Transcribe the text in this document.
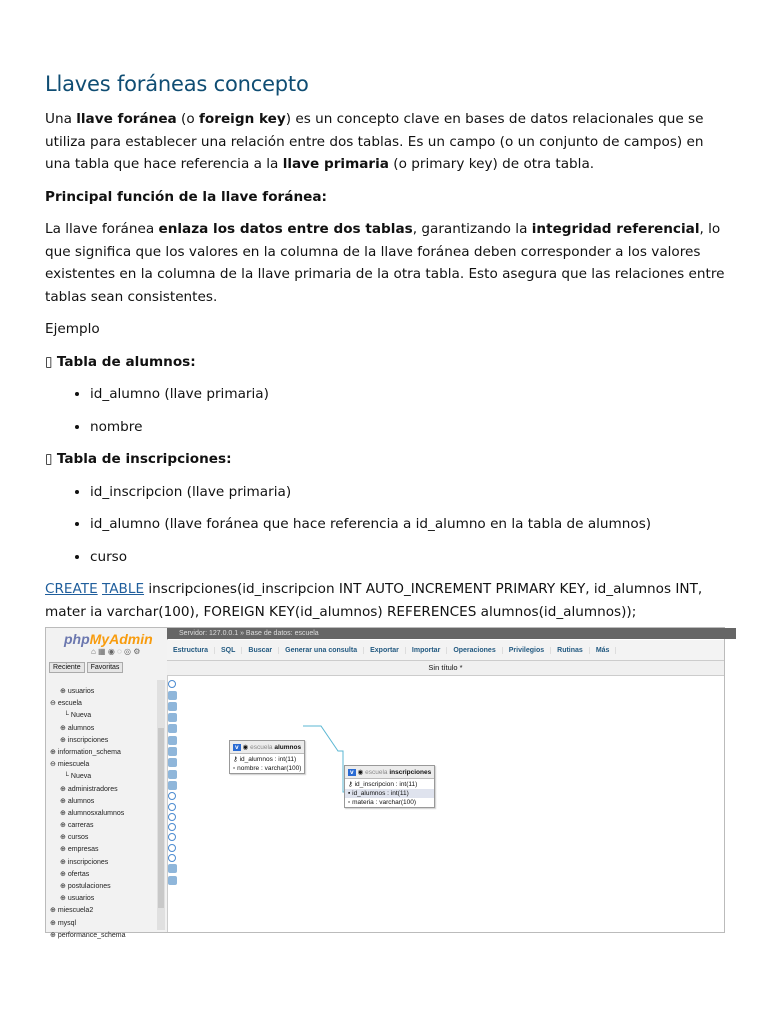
Llaves foráneas concepto

Una llave foránea (o foreign key) es un concepto clave en bases de datos relacionales que se utiliza para establecer una relación entre dos tablas. Es un campo (o un conjunto de campos) en una tabla que hace referencia a la llave primaria (o primary key) de otra tabla.

Principal función de la llave foránea:

La llave foránea enlaza los datos entre dos tablas, garantizando la integridad referencial, lo que significa que los valores en la columna de la llave foránea deben corresponder a los valores existentes en la columna de la llave primaria de la otra tabla. Esto asegura que las relaciones entre tablas sean consistentes.

Ejemplo

▯ Tabla de alumnos:

• id_alumno (llave primaria)
• nombre

▯ Tabla de inscripciones:

• id_inscripcion (llave primaria)
• id_alumno (llave foránea que hace referencia a id_alumno en la tabla de alumnos)
• curso

CREATE TABLE inscripciones(id_inscripcion INT AUTO_INCREMENT PRIMARY KEY, id_alumnos INT, mater ia varchar(100), FOREIGN KEY(id_alumnos) REFERENCES alumnos(id_alumnos));

phpMyAdmin
⌂ ▦ ◉ ◌ ◎ ⚙
Reciente	Favoritas
⊕ usuarios
⊖ escuela
└ Nueva
⊕ alumnos
⊕ inscripciones
⊕ information_schema
⊖ miescuela
└ Nueva
⊕ administradores
⊕ alumnos
⊕ alumnosxalumnos
⊕ carreras
⊕ cursos
⊕ empresas
⊕ inscripciones
⊕ ofertas
⊕ postulaciones
⊕ usuarios
⊕ miescuela2
⊕ mysql
⊕ performance_schema
Servidor: 127.0.0.1 » Base de datos: escuela
Estructura	SQL	Buscar	Generar una consulta	Exportar	Importar	Operaciones	Privilegios	Rutinas	Más
Sin título *
v ◉ escuela alumnos
⚷ id_alumnos : int(11)
▫ nombre : varchar(100)
v ◉ escuela inscripciones
⚷ id_inscripcion : int(11)
▪ id_alumnos : int(11)
▫ materia : varchar(100)
